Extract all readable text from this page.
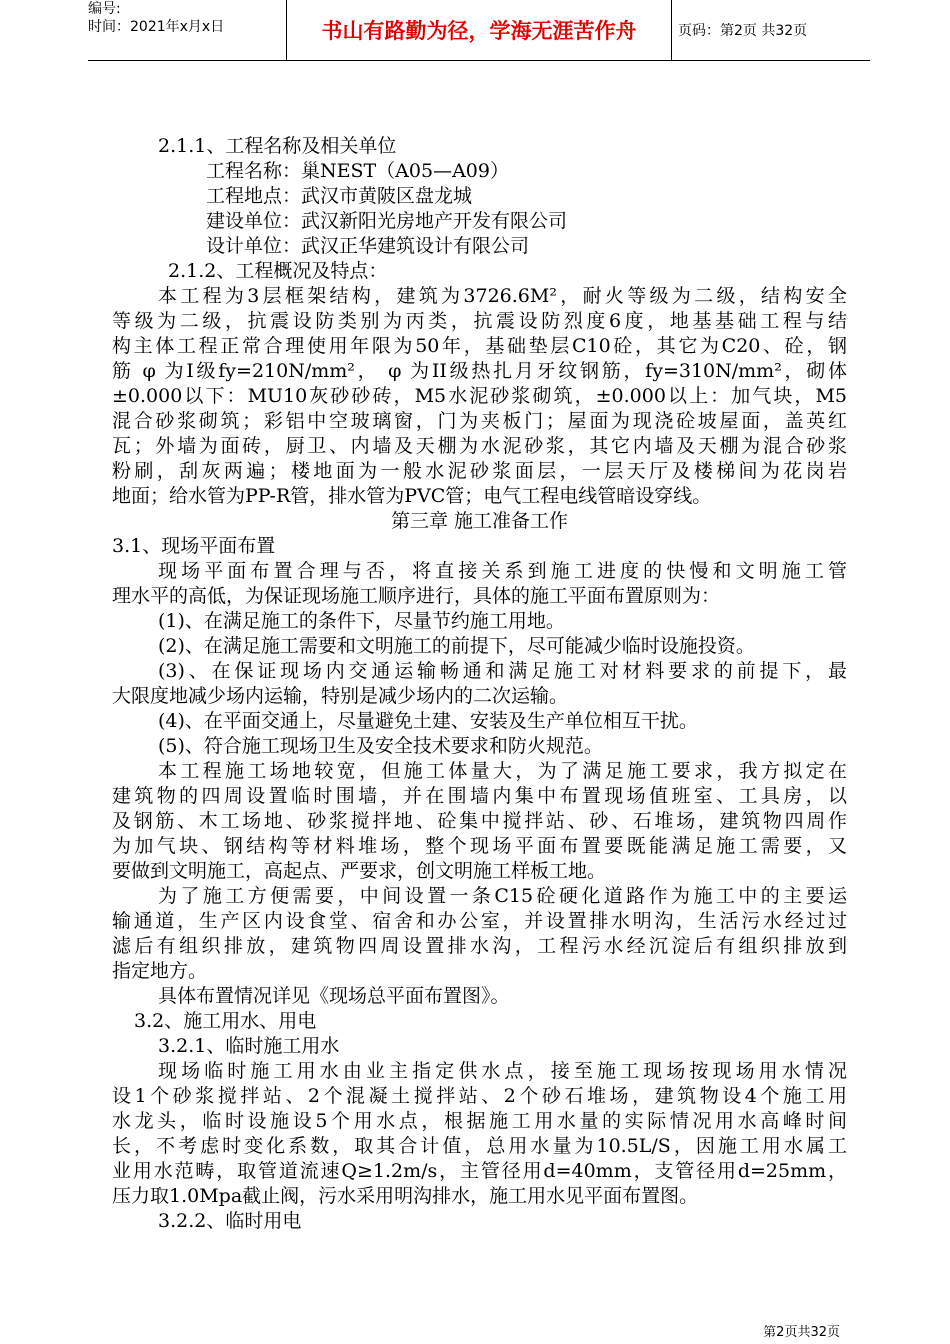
编号:
时间：2021年x月x日	书山有路勤为径，学海无涯苦作舟	页码：第2页 共32页
2.1.1、工程名称及相关单位
工程名称：巢NEST（A05—A09）
工程地点：武汉市黄陂区盘龙城
建设单位：武汉新阳光房地产开发有限公司
设计单位：武汉正华建筑设计有限公司
2.1.2、工程概况及特点：
本工程为3层框架结构，建筑为3726.6M²，耐火等级为二级，结构安全
等级为二级，抗震设防类别为丙类，抗震设防烈度6度，地基基础工程与结
构主体工程正常合理使用年限为50年，基础垫层C10砼，其它为C20、砼，钢
筋 φ 为Ⅰ级fy=210N/mm²， φ 为II级热扎月牙纹钢筋，fy=310N/mm²，砌体
±0.000以下：MU10灰砂砂砖，M5水泥砂浆砌筑，±0.000以上：加气块，M5
混合砂浆砌筑；彩铝中空玻璃窗，门为夹板门；屋面为现浇砼坡屋面，盖英红
瓦；外墙为面砖，厨卫、内墙及天棚为水泥砂浆，其它内墙及天棚为混合砂浆
粉刷，刮灰两遍；楼地面为一般水泥砂浆面层，一层天厅及楼梯间为花岗岩
地面；给水管为PP-R管，排水管为PVC管；电气工程电线管暗设穿线。
第三章 施工准备工作
3.1、现场平面布置
现场平面布置合理与否，将直接关系到施工进度的快慢和文明施工管
理水平的高低，为保证现场施工顺序进行，具体的施工平面布置原则为：
(1)、在满足施工的条件下，尽量节约施工用地。
(2)、在满足施工需要和文明施工的前提下，尽可能减少临时设施投资。
(3)、在保证现场内交通运输畅通和满足施工对材料要求的前提下，最
大限度地减少场内运输，特别是减少场内的二次运输。
(4)、在平面交通上，尽量避免土建、安装及生产单位相互干扰。
(5)、符合施工现场卫生及安全技术要求和防火规范。
本工程施工场地较宽，但施工体量大，为了满足施工要求，我方拟定在
建筑物的四周设置临时围墙，并在围墙内集中布置现场值班室、工具房，以
及钢筋、木工场地、砂浆搅拌地、砼集中搅拌站、砂、石堆场，建筑物四周作
为加气块、钢结构等材料堆场，整个现场平面布置要既能满足施工需要，又
要做到文明施工，高起点、严要求，创文明施工样板工地。
为了施工方便需要，中间设置一条C15砼硬化道路作为施工中的主要运
输通道，生产区内设食堂、宿舍和办公室，并设置排水明沟，生活污水经过过
滤后有组织排放，建筑物四周设置排水沟，工程污水经沉淀后有组织排放到
指定地方。
具体布置情况详见《现场总平面布置图》。
3.2、施工用水、用电
3.2.1、临时施工用水
现场临时施工用水由业主指定供水点，接至施工现场按现场用水情况
设1个砂浆搅拌站、2个混凝土搅拌站、2个砂石堆场，建筑物设4个施工用
水龙头，临时设施设5个用水点，根据施工用水量的实际情况用水高峰时间
长，不考虑时变化系数，取其合计值，总用水量为10.5L/S，因施工用水属工
业用水范畴，取管道流速Q≥1.2m/s，主管径用d=40mm，支管径用d=25mm，
压力取1.0Mpa截止阀，污水采用明沟排水，施工用水见平面布置图。
3.2.2、临时用电
第2页共32页
